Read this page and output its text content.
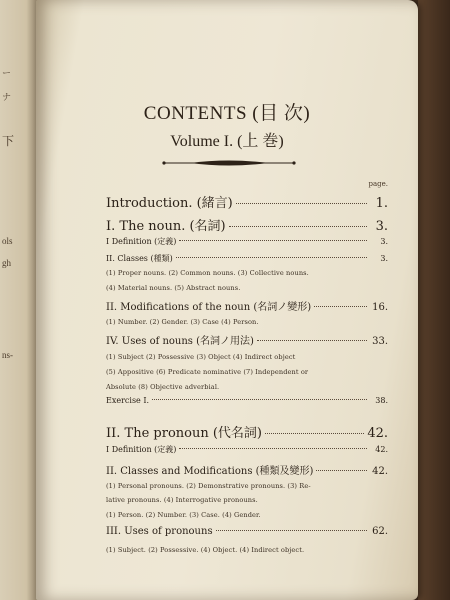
ー
ナ
下
ols
gh
ns-
CONTENTS (目 次)
Volume I. (上 巻)
page.
Introduction. (緒言)	1.
I. The noun. (名詞)	3.
I Definition (定義)	3.
II. Classes (種類)	3.
(1) Proper nouns. (2) Common nouns. (3) Collective nouns.
(4) Material nouns. (5) Abstract nouns.
II. Modifications of the noun (名詞ノ變形)	16.
(1) Number. (2) Gender. (3) Case (4) Person.
IV. Uses of nouns (名詞ノ用法)	33.
(1) Subject (2) Possessive (3) Object (4) Indirect object
(5) Appositive (6) Predicate nominative (7) Independent or
Absolute (8) Objective adverbial.
Exercise I.	38.
II. The pronoun (代名詞)	42.
I Definition (定義)	42.
II. Classes and Modifications (種類及變形)	42.
(1) Personal pronouns. (2) Demonstrative pronouns. (3) Re-
lative pronouns. (4) Interrogative pronouns.
(1) Person. (2) Number. (3) Case. (4) Gender.
III. Uses of pronouns	62.
(1) Subject. (2) Possessive. (4) Object. (4) Indirect object.
